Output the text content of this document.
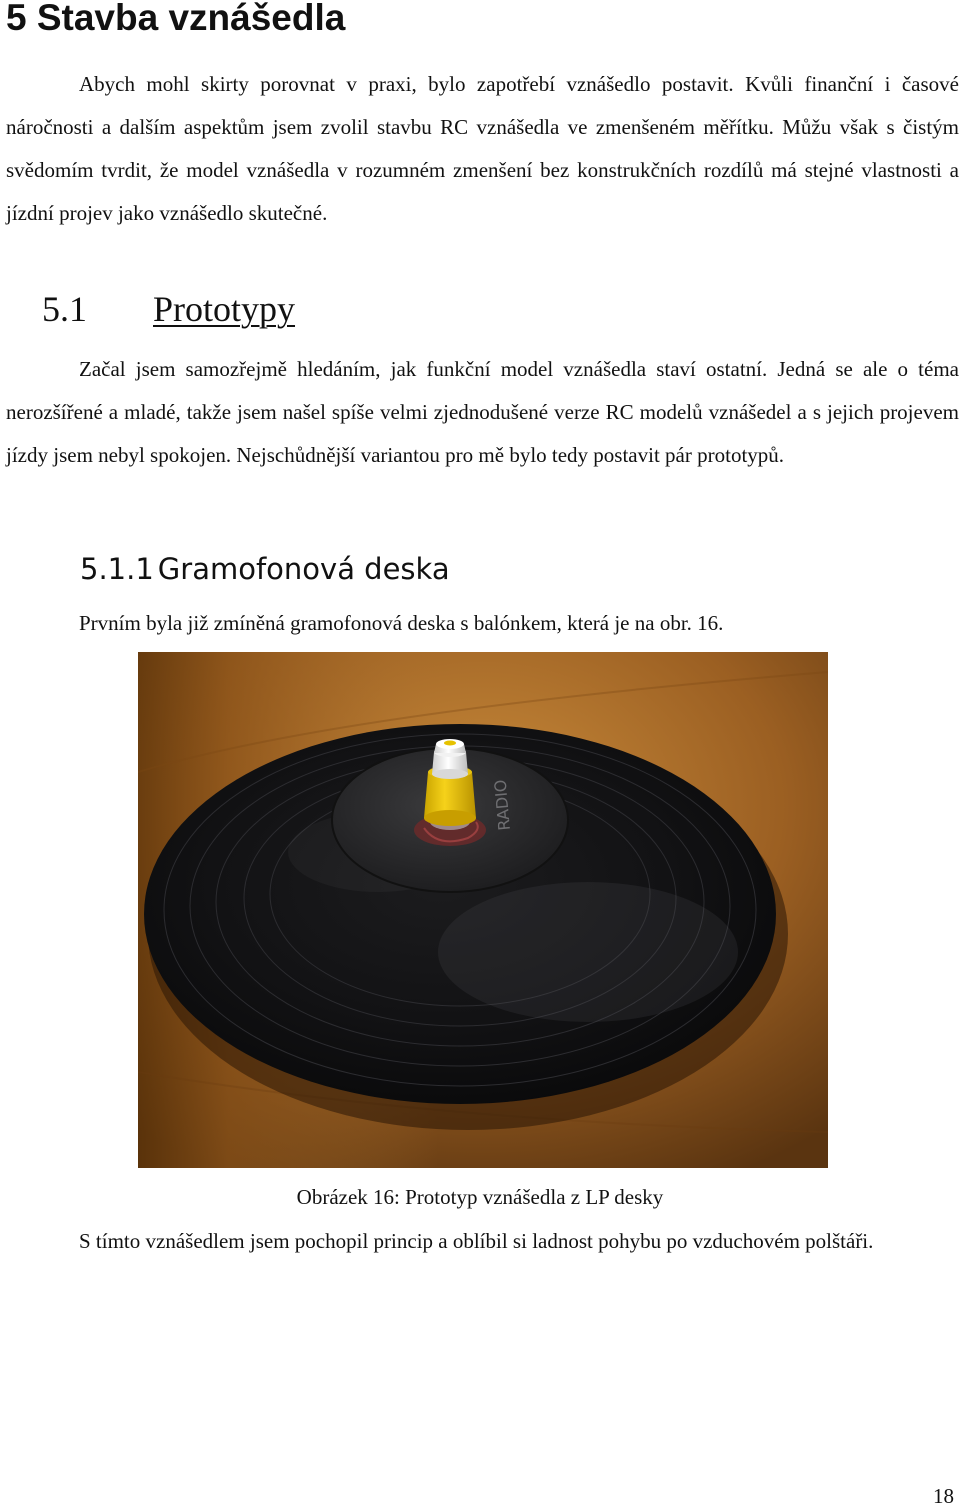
5 Stavba vznášedla

Abych mohl skirty porovnat v praxi, bylo zapotřebí vznášedlo postavit. Kvůli finanční i časové náročnosti a dalším aspektům jsem zvolil stavbu RC vznášedla ve zmenšeném měřítku. Můžu však s čistým svědomím tvrdit, že model vznášedla v rozumném zmenšení bez konstrukčních rozdílů má stejné vlastnosti a jízdní projev jako vznášedlo skutečné.

5.1 Prototypy

Začal jsem samozřejmě hledáním, jak funkční model vznášedla staví ostatní. Jedná se ale o téma nerozšířené a mladé, takže jsem našel spíše velmi zjednodušené verze RC modelů vznášedel a s jejich projevem jízdy jsem nebyl spokojen. Nejschůdnější variantou pro mě bylo tedy postavit pár prototypů.

5.1.1 Gramofonová deska

Prvním byla již zmíněná gramofonová deska s balónkem, která je na obr. 16.

RADIO
Obrázek 16: Prototyp vznášedla z LP desky

S tímto vznášedlem jsem pochopil princip a oblíbil si ladnost pohybu po vzduchovém polštáři.

18
